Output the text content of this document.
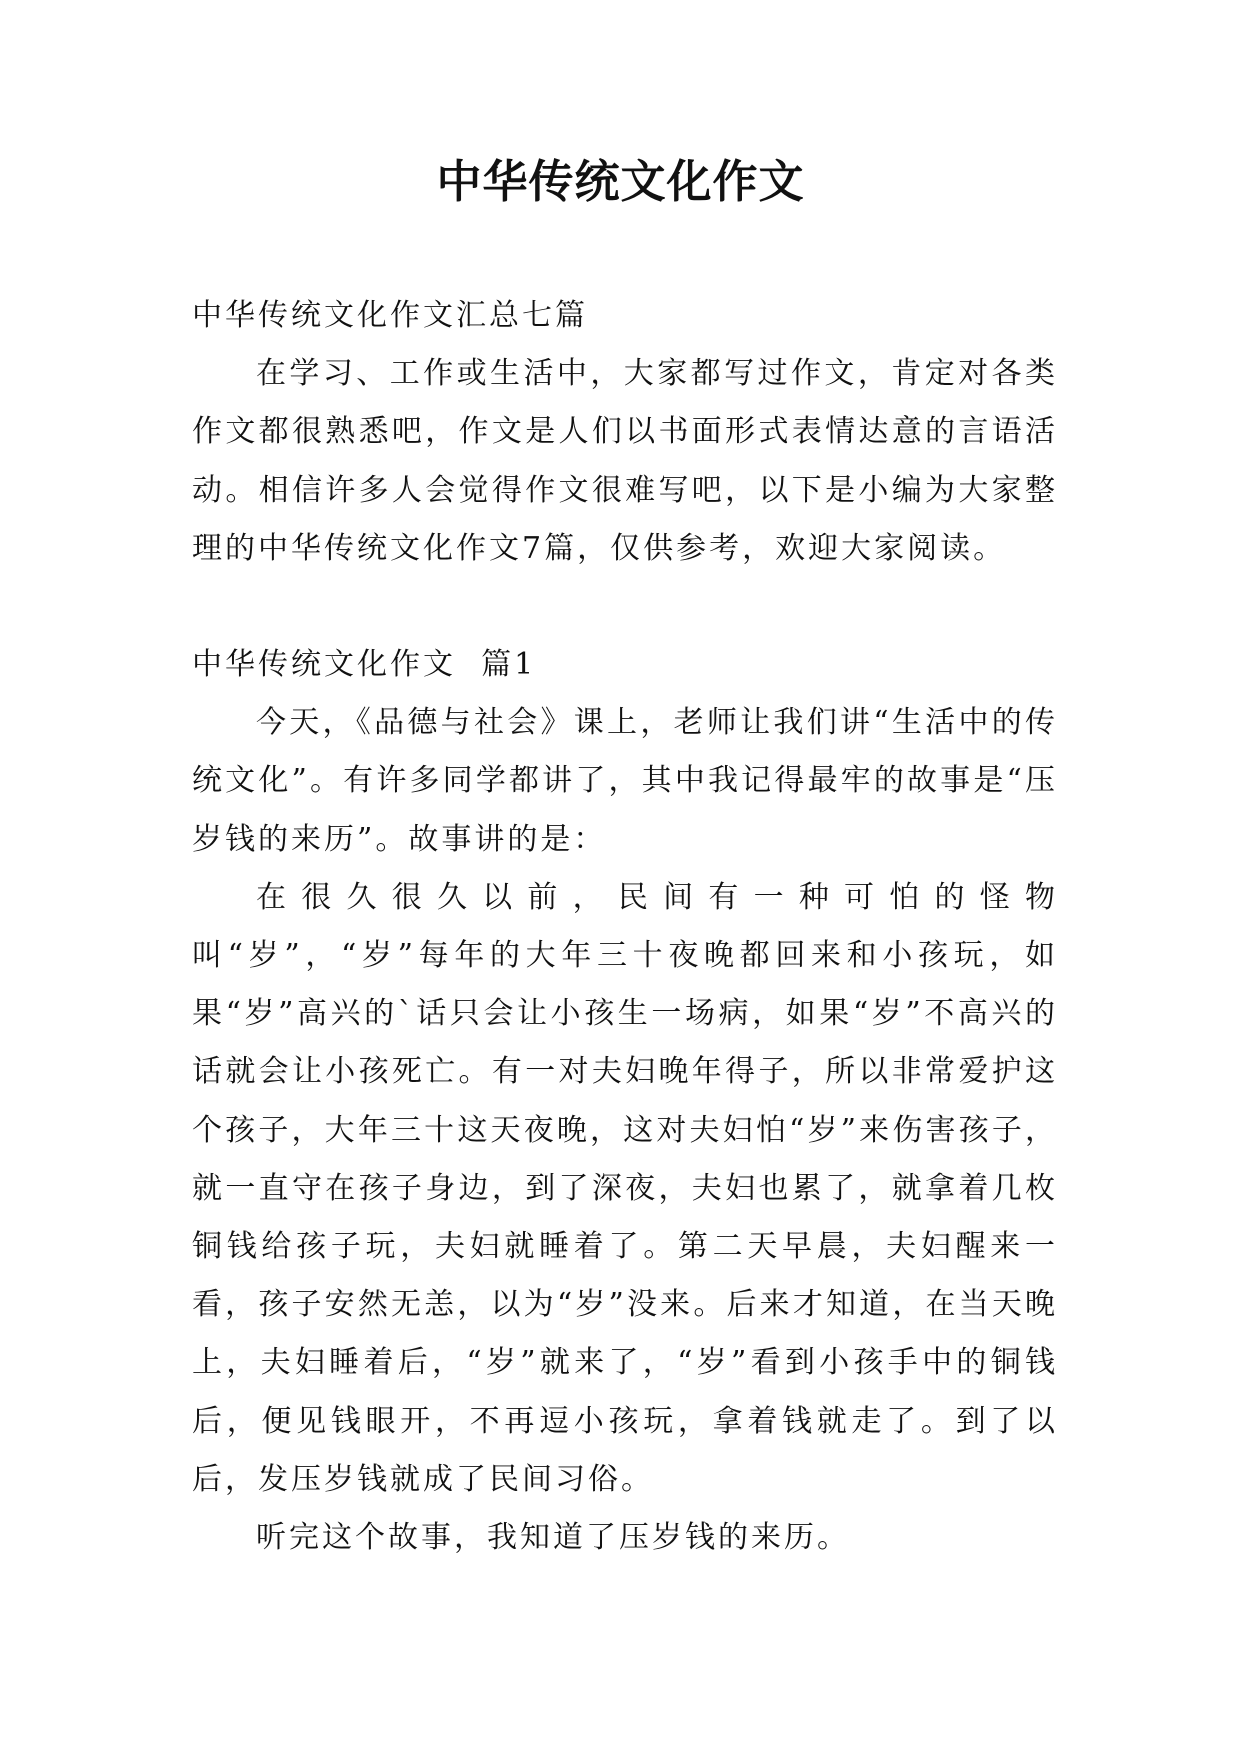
中华传统文化作文

中华传统文化作文汇总七篇

在学习、工作或生活中，大家都写过作文，肯定对各类作文都很熟悉吧，作文是人们以书面形式表情达意的言语活动。相信许多人会觉得作文很难写吧，以下是小编为大家整理的中华传统文化作文7篇，仅供参考，欢迎大家阅读。

中华传统文化作文  篇1

今天，《品德与社会》课上，老师让我们讲“生活中的传统文化”。有许多同学都讲了，其中我记得最牢的故事是“压岁钱的来历”。故事讲的是：

在很久很久以前，民间有一种可怕的怪物叫“岁”，“岁”每年的大年三十夜晚都回来和小孩玩，如果“岁”高兴的`话只会让小孩生一场病，如果“岁”不高兴的话就会让小孩死亡。有一对夫妇晚年得子，所以非常爱护这个孩子，大年三十这天夜晚，这对夫妇怕“岁”来伤害孩子，就一直守在孩子身边，到了深夜，夫妇也累了，就拿着几枚铜钱给孩子玩，夫妇就睡着了。第二天早晨，夫妇醒来一看，孩子安然无恙，以为“岁”没来。后来才知道，在当天晚上，夫妇睡着后，“岁”就来了，“岁”看到小孩手中的铜钱后，便见钱眼开，不再逗小孩玩，拿着钱就走了。到了以后，发压岁钱就成了民间习俗。

听完这个故事，我知道了压岁钱的来历。
